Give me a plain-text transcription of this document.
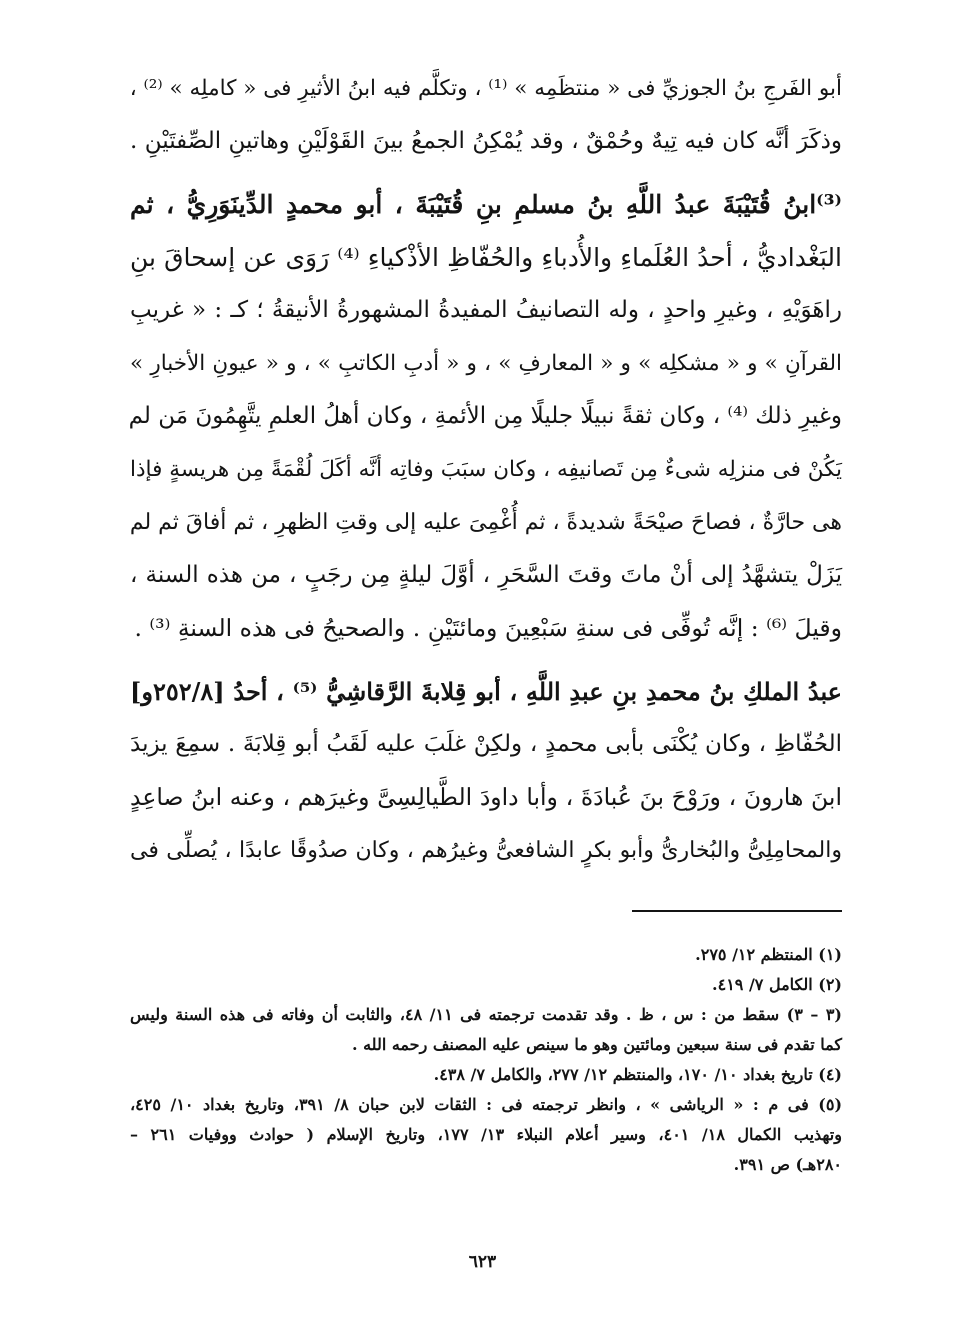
أبو الفَرجِ بنُ الجوزيِّ فى « منتظَمِه » ⁽¹⁾ ، وتكلَّم فيه ابنُ الأثيرِ فى « كاملِه » ⁽²⁾ ،
وذكَرَ أنَّه كان فيه تِيهٌ وحُمْقٌ ، وقد يُمْكِنُ الجمعُ بينَ القَوْلَيْنِ وهاتينِ الصِّفتَيْنِ .
⁽³⁾ابنُ قُتَيْبَةَ عبدُ اللَّهِ بنُ مسلمِ بنِ قُتَيْبَةَ ، أبو محمدٍ الدِّينَوَرِيُّ ، ثم
البَغْداديُّ ، أحدُ العُلَماءِ والأُدباءِ والحُفّاظِ الأذْكياءِ ⁽⁴⁾ رَوَى عن إسحاقَ بنِ
راهَوَيْهِ ، وغيرِ واحدٍ ، وله التصانيفُ المفيدةُ المشهورةُ الأنيقةُ ؛ كـ : « غريبِ
القرآنِ » و « مشكلِه » و « المعارفِ » ، و « أدبِ الكاتبِ » ، و « عيونِ الأخبارِ »
وغيرِ ذلك ⁽⁴⁾ ، وكان ثقةً نبيلًا جليلًا مِن الأئمةِ ، وكان أهلُ العلمِ يتَّهِمُونَ مَن لم
يَكُنْ فى منزلِه شىءٌ مِن تَصانيفِه ، وكان سبَبَ وفاتِه أنَّه أكَلَ لُقْمَةً مِن هريسةٍ فإذا
هى حارَّةٌ ، فصاحَ صيْحَةً شديدةً ، ثم أُغْمِىَ عليه إلى وقتِ الظهرِ ، ثم أفاقَ ثم لم
يَزَلْ يتشهَّدُ إلى أنْ ماتَ وقتَ السَّحَرِ ، أوَّلَ ليلةٍ مِن رجَبٍ ، من هذه السنة ،
وقيلَ ⁽⁶⁾ : إنَّه تُوفِّى فى سنةِ سَبْعِينَ ومائتَيْنِ . والصحيحُ فى هذه السنةِ ⁽³⁾ .
عبدُ الملكِ بنُ محمدِ بنِ عبدِ اللَّهِ ، أبو قِلابةَ الرَّقاشِيُّ ⁽⁵⁾ ، أحدُ [٢٥٢/٨و]
الحُفّاظِ ، وكان يُكْنَى بأبى محمدٍ ، ولكِنْ غلَبَ عليه لَقَبُ أبو قِلابَةَ . سمِعَ يزيدَ
ابنَ هارونَ ، ورَوْحَ بنَ عُبادَةَ ، وأبا داودَ الطَّيالِسِىَّ وغيرَهم ، وعنه ابنُ صاعِدٍ
والمحامِلِىُّ والبُخارىُّ وأبو بكرٍ الشافعىُّ وغيرُهم ، وكان صدُوقًا عابدًا ، يُصلِّى فى
(١) المنتظم ١٢/ ٢٧٥.
(٢) الكامل ٧/ ٤١٩.
(٣ – ٣) سقط من : س ، ظ . وقد تقدمت ترجمته فى ١١/ ٤٨، والثابت أن وفاته فى هذه السنة وليس
كما تقدم فى سنة سبعين ومائتين وهو ما سينص عليه المصنف رحمه الله .
(٤) تاريخ بغداد ١٠/ ١٧٠، والمنتظم ١٢/ ٢٧٧، والكامل ٧/ ٤٣٨.
(٥) فى م : « الرياشى » ، وانظر ترجمته فى : الثقات لابن حبان ٨/ ٣٩١، وتاريخ بغداد ١٠/ ٤٢٥،
وتهذيب الكمال ١٨/ ٤٠١، وسير أعلام النبلاء ١٣/ ١٧٧، وتاريخ الإسلام ( حوادث ووفيات ٢٦١ –
٢٨٠هـ) ص ٣٩١.
٦٢٣
